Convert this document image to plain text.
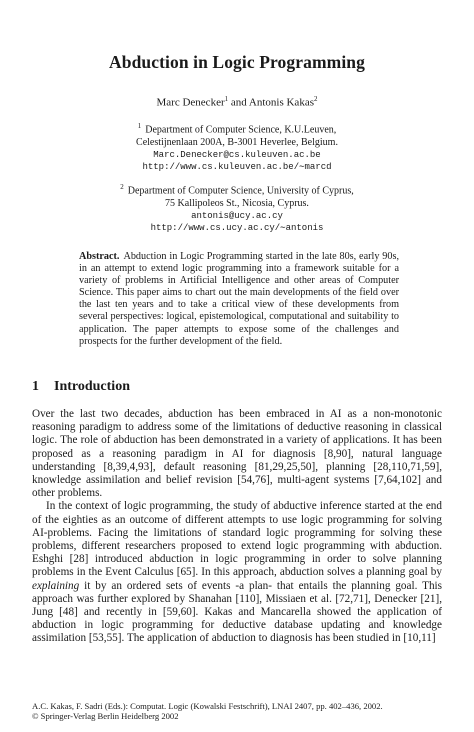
Abduction in Logic Programming
Marc Denecker$^1$ and Antonis Kakas$^2$
$^1$ Department of Computer Science, K.U.Leuven,
Celestijnenlaan 200A, B-3001 Heverlee, Belgium.
Marc.Denecker@cs.kuleuven.ac.be
http://www.cs.kuleuven.ac.be/∼marcd
$^2$ Department of Computer Science, University of Cyprus,
75 Kallipoleos St., Nicosia, Cyprus.
antonis@ucy.ac.cy
http://www.cs.ucy.ac.cy/∼antonis
Abstract. Abduction in Logic Programming started in the late 80s, early 90s, in an attempt to extend logic programming into a framework suitable for a variety of problems in Artificial Intelligence and other areas of Computer Science. This paper aims to chart out the main developments of the field over the last ten years and to take a critical view of these developments from several perspectives: logical, epistemological, computational and suitability to application. The paper attempts to expose some of the challenges and prospects for the further development of the field.
1 Introduction

Over the last two decades, abduction has been embraced in AI as a non-monotonic reasoning paradigm to address some of the limitations of deductive reasoning in classical logic. The role of abduction has been demonstrated in a variety of applications. It has been proposed as a reasoning paradigm in AI for diagnosis [8,90], natural language understanding [8,39,4,93], default reasoning [81,29,25,50], planning [28,110,71,59], knowledge assimilation and belief revision [54,76], multi-agent systems [7,64,102] and other problems.

In the context of logic programming, the study of abductive inference started at the end of the eighties as an outcome of different attempts to use logic programming for solving AI-problems. Facing the limitations of standard logic programming for solving these problems, different researchers proposed to extend logic programming with abduction. Eshghi [28] introduced abduction in logic programming in order to solve planning problems in the Event Calculus [65]. In this approach, abduction solves a planning goal by explaining it by an ordered sets of events -a plan- that entails the planning goal. This approach was further explored by Shanahan [110], Missiaen et al. [72,71], Denecker [21], Jung [48] and recently in [59,60]. Kakas and Mancarella showed the application of abduction in logic programming for deductive database updating and knowledge assimilation [53,55]. The application of abduction to diagnosis has been studied in [10,11]

A.C. Kakas, F. Sadri (Eds.): Computat. Logic (Kowalski Festschrift), LNAI 2407, pp. 402–436, 2002.
© Springer-Verlag Berlin Heidelberg 2002
